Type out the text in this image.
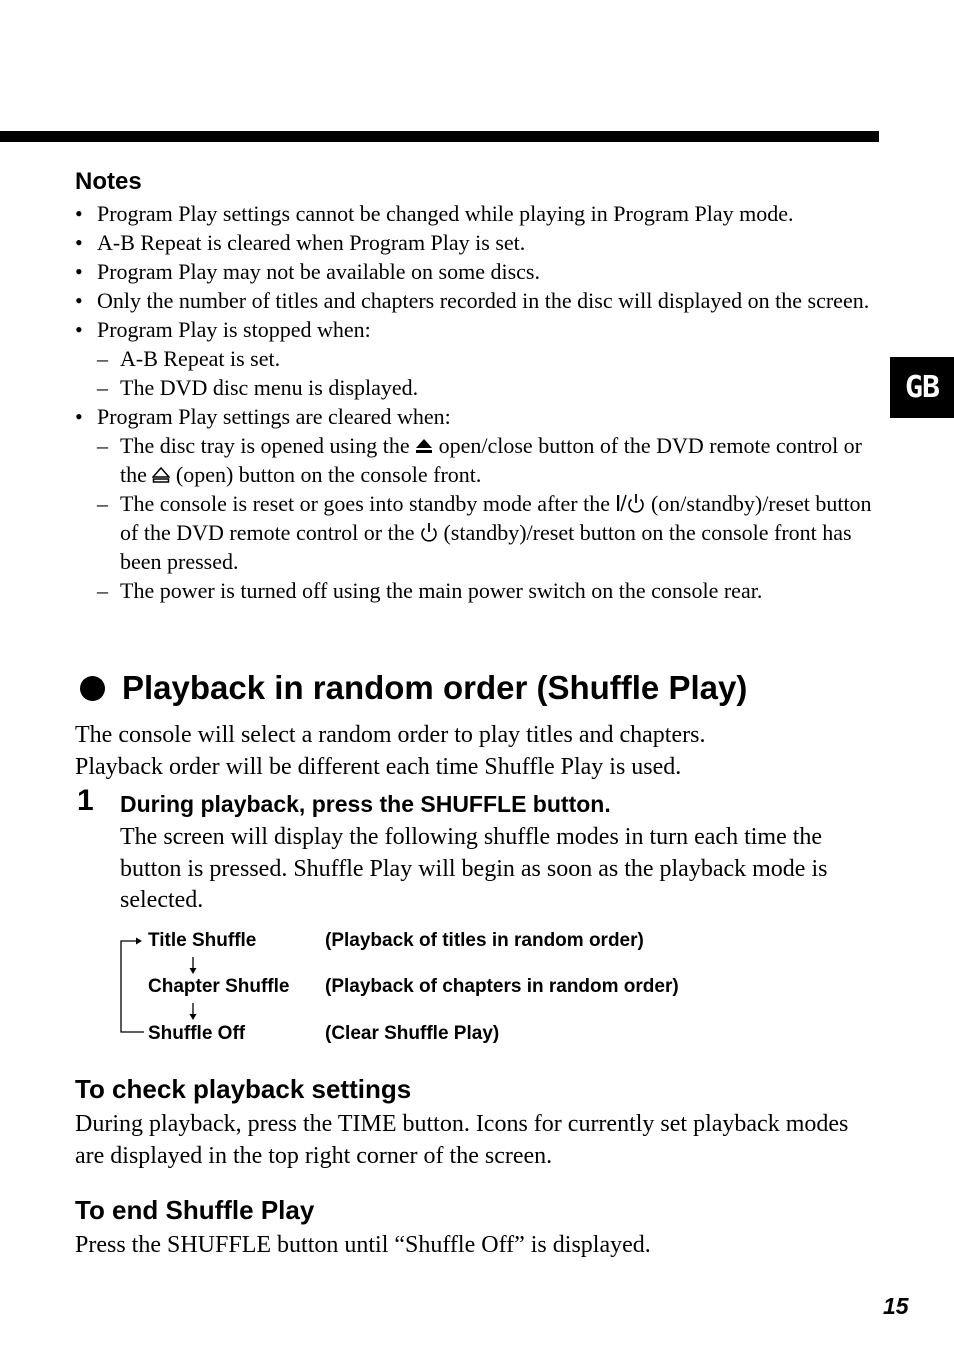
GB
Notes
• Program Play settings cannot be changed while playing in Program Play mode.
• A-B Repeat is cleared when Program Play is set.
• Program Play may not be available on some discs.
• Only the number of titles and chapters recorded in the disc will displayed on the screen.
• Program Play is stopped when:
– A-B Repeat is set.
– The DVD disc menu is displayed.
• Program Play settings are cleared when:
– The disc tray is opened using the open/close button of the DVD remote control or the (open) button on the console front.
– The console is reset or goes into standby mode after the (on/standby)/reset button of the DVD remote control or the (standby)/reset button on the console front has been pressed.
– The power is turned off using the main power switch on the console rear.
Playback in random order (Shuffle Play)
The console will select a random order to play titles and chapters.
Playback order will be different each time Shuffle Play is used.
1 During playback, press the SHUFFLE button.
The screen will display the following shuffle modes in turn each time the button is pressed. Shuffle Play will begin as soon as the playback mode is selected.
Title Shuffle	(Playback of titles in random order)
Chapter Shuffle (Playback of chapters in random order)
Shuffle Off	(Clear Shuffle Play)
To check playback settings
During playback, press the TIME button. Icons for currently set playback modes are displayed in the top right corner of the screen.
To end Shuffle Play
Press the SHUFFLE button until “Shuffle Off” is displayed.
15
